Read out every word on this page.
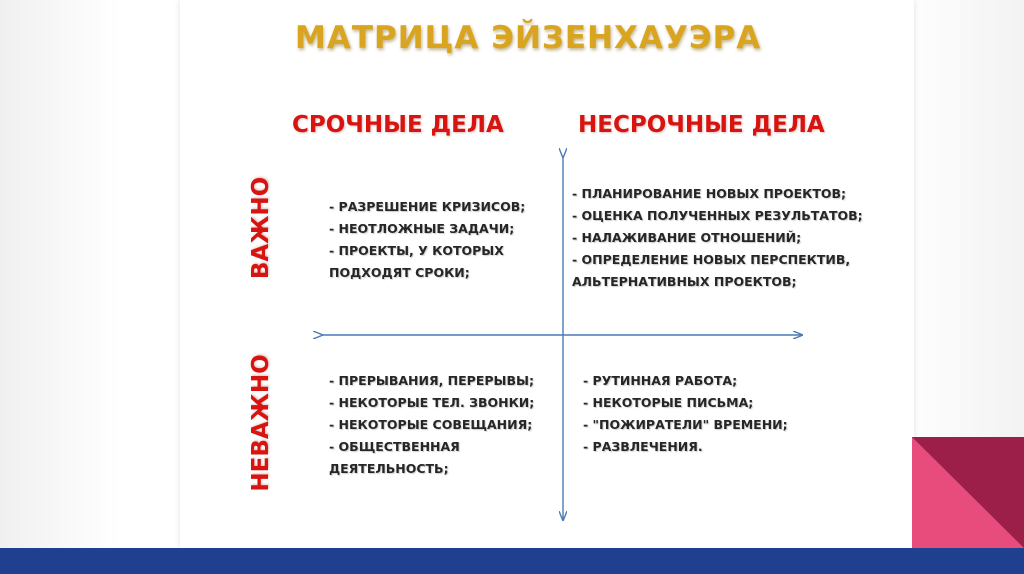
МАТРИЦА ЭЙЗЕНХАУЭРА
СРОЧНЫЕ ДЕЛА	НЕСРОЧНЫЕ ДЕЛА
ВАЖНО
НЕВАЖНО
- РАЗРЕШЕНИЕ КРИЗИСОВ;
- НЕОТЛОЖНЫЕ ЗАДАЧИ;
- ПРОЕКТЫ, У КОТОРЫХ
ПОДХОДЯТ СРОКИ;
- ПЛАНИРОВАНИЕ НОВЫХ ПРОЕКТОВ;
- ОЦЕНКА ПОЛУЧЕННЫХ РЕЗУЛЬТАТОВ;
- НАЛАЖИВАНИЕ ОТНОШЕНИЙ;
- ОПРЕДЕЛЕНИЕ НОВЫХ ПЕРСПЕКТИВ,
АЛЬТЕРНАТИВНЫХ ПРОЕКТОВ;
- ПРЕРЫВАНИЯ, ПЕРЕРЫВЫ;
- НЕКОТОРЫЕ ТЕЛ. ЗВОНКИ;
- НЕКОТОРЫЕ СОВЕЩАНИЯ;
- ОБЩЕСТВЕННАЯ
ДЕЯТЕЛЬНОСТЬ;
- РУТИННАЯ РАБОТА;
- НЕКОТОРЫЕ ПИСЬМА;
- "ПОЖИРАТЕЛИ" ВРЕМЕНИ;
- РАЗВЛЕЧЕНИЯ.
